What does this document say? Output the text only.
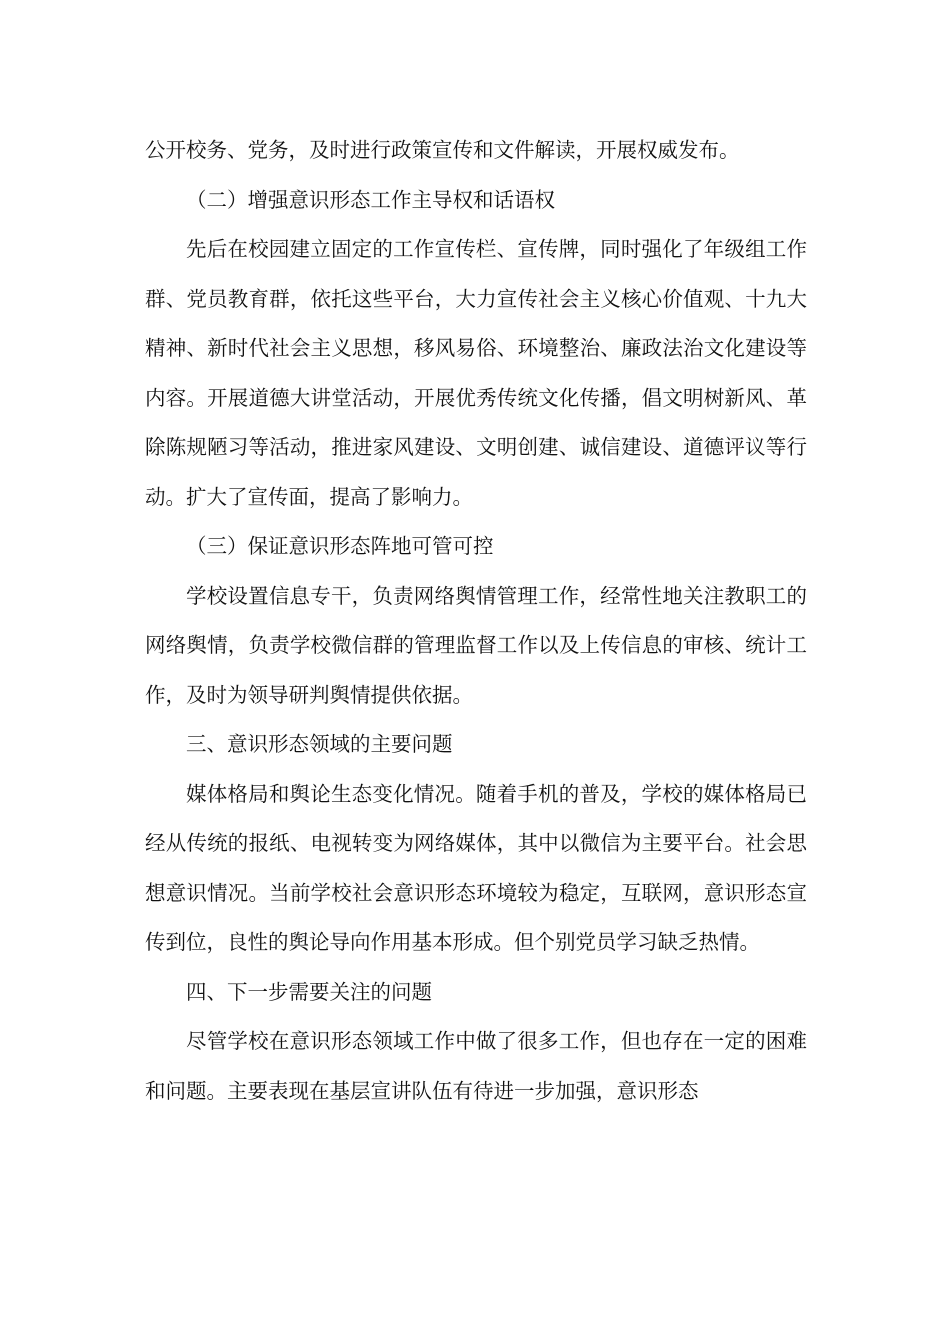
公开校务、党务，及时进行政策宣传和文件解读，开展权威发布。

（二）增强意识形态工作主导权和话语权

先后在校园建立固定的工作宣传栏、宣传牌，同时强化了年级组工作群、党员教育群，依托这些平台，大力宣传社会主义核心价值观、十九大精神、新时代社会主义思想，移风易俗、环境整治、廉政法治文化建设等内容。开展道德大讲堂活动，开展优秀传统文化传播，倡文明树新风、革除陈规陋习等活动，推进家风建设、文明创建、诚信建设、道德评议等行动。扩大了宣传面，提高了影响力。

（三）保证意识形态阵地可管可控

学校设置信息专干，负责网络舆情管理工作，经常性地关注教职工的网络舆情，负责学校微信群的管理监督工作以及上传信息的审核、统计工作，及时为领导研判舆情提供依据。

三、意识形态领域的主要问题

媒体格局和舆论生态变化情况。随着手机的普及，学校的媒体格局已经从传统的报纸、电视转变为网络媒体，其中以微信为主要平台。社会思想意识情况。当前学校社会意识形态环境较为稳定，互联网，意识形态宣传到位，良性的舆论导向作用基本形成。但个别党员学习缺乏热情。

四、下一步需要关注的问题

尽管学校在意识形态领域工作中做了很多工作，但也存在一定的困难和问题。主要表现在基层宣讲队伍有待进一步加强，意识形态
